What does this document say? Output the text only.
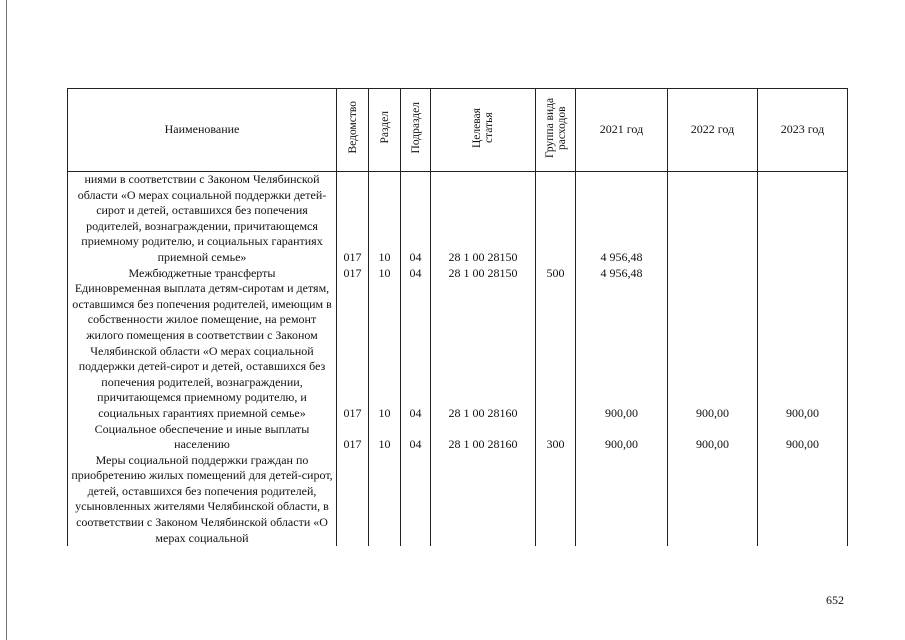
Наименование	Ведомство	Раздел	Подраздел	Целевая статья	Группа вида расходов	2021 год	2022 год	2023 год
ниями в соответствии с Законом Челябинской области «О мерах социальной поддержки детей-сирот и детей, оставшихся без попечения родителей, вознаграждении, причитающемся приемному родителю, и социальных гарантиях приемной семье»	017	10	04	28 1 00 28150		4 956,48		
Межбюджетные трансферты	017	10	04	28 1 00 28150	500	4 956,48		
Единовременная выплата детям-сиротам и детям, оставшимся без попечения родителей, имеющим в собственности жилое помещение, на ремонт жилого помещения в соответствии с Законом Челябинской области «О мерах социальной поддержки детей-сирот и детей, оставшихся без попечения родителей, вознаграждении, причитающемся приемному родителю, и социальных гарантиях приемной семье»	017	10	04	28 1 00 28160		900,00	900,00	900,00
Социальное обеспечение и иные выплаты населению	017	10	04	28 1 00 28160	300	900,00	900,00	900,00
Меры социальной поддержки граждан по приобретению жилых помещений для детей-сирот, детей, оставшихся без попечения родителей, усыновленных жителями Челябинской области, в соответствии с Законом Челябинской области «О мерах социальной								
652
